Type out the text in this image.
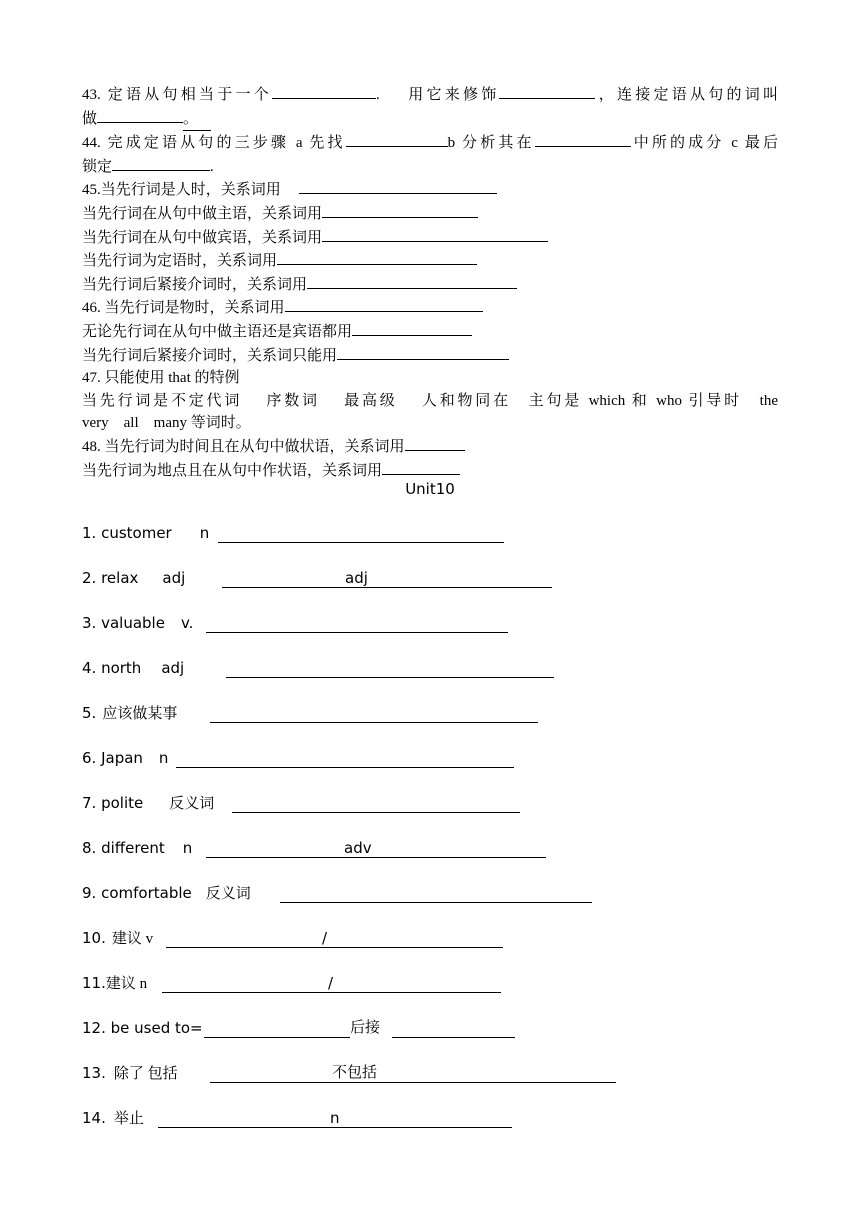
43. 定语从句相当于一个	.　 用它来修饰	，连接定语从句的词叫
做	。
44. 完成定语从句的三步骤 a 先找	b 分析其在	中所的成分 c 最后
锁定	.
45.当先行词是人时，关系词用
当先行词在从句中做主语，关系词用
当先行词在从句中做宾语，关系词用
当先行词为定语时，关系词用
当先行词后紧接介词时，关系词用
46. 当先行词是物时，关系词用
无论先行词在从句中做主语还是宾语都用
当先行词后紧接介词时，关系词只能用
47. 只能使用 that 的特例
当先行词是不定代词　 序数词　 最高级　 人和物同在　主句是 which 和 who 引导时　the
very　all　many 等词时。
48. 当先行词为时间且在从句中做状语，关系词用
当先行词为地点且在从句中作状语，关系词用
Unit10
1. customer n
2. relax adj	adj
3. valuable v.
4. north adj
5. 应该做某事
6. Japan n
7. polite 反义词
8. different n	adv
9. comfortable 反义词
10. 建议 v	/
11.建议 n	/
12. be used to=	后接
13. 除了 包括	不包括
14. 举止	n
